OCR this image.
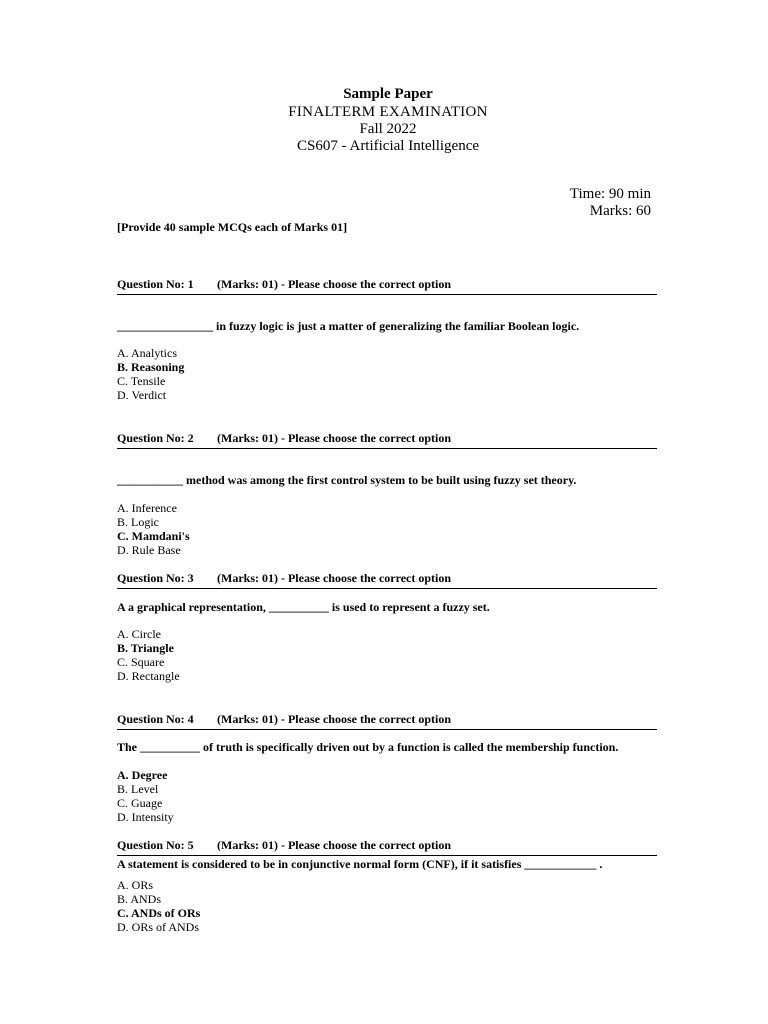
Sample Paper
FINALTERM EXAMINATION
Fall 2022
CS607 - Artificial Intelligence
Time: 90 min
Marks: 60
[Provide 40 sample MCQs each of Marks 01]
Question No: 1 (Marks: 01) - Please choose the correct option
________________ in fuzzy logic is just a matter of generalizing the familiar Boolean logic.
A. Analytics
B. Reasoning
C. Tensile
D. Verdict
Question No: 2 (Marks: 01) - Please choose the correct option
___________ method was among the first control system to be built using fuzzy set theory.
A. Inference
B. Logic
C. Mamdani's
D. Rule Base
Question No: 3 (Marks: 01) - Please choose the correct option
A a graphical representation, __________ is used to represent a fuzzy set.
A. Circle
B. Triangle
C. Square
D. Rectangle
Question No: 4 (Marks: 01) - Please choose the correct option
The __________ of truth is specifically driven out by a function is called the membership function.
A. Degree
B. Level
C. Guage
D. Intensity
Question No: 5 (Marks: 01) - Please choose the correct option
A statement is considered to be in conjunctive normal form (CNF), if it satisfies ____________ .
A. ORs
B. ANDs
C. ANDs of ORs
D. ORs of ANDs
